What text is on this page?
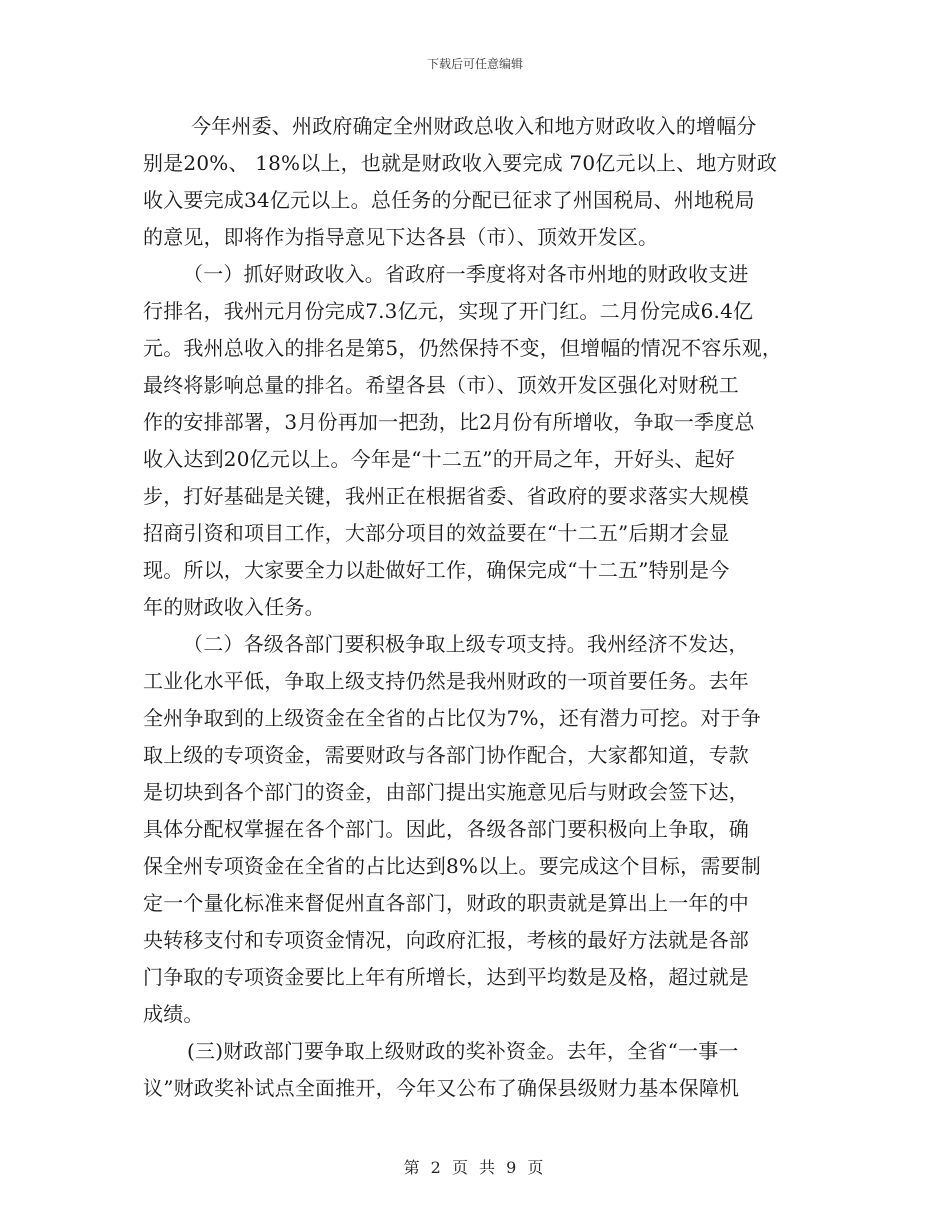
下载后可任意编辑
今年州委、州政府确定全州财政总收入和地方财政收入的增幅分
别是20%、 18%以上，也就是财政收入要完成 70亿元以上、地方财政
收入要完成34亿元以上。总任务的分配已征求了州国税局、州地税局
的意见，即将作为指导意见下达各县（市）、顶效开发区。
（一）抓好财政收入。省政府一季度将对各市州地的财政收支进
行排名，我州元月份完成7.3亿元，实现了开门红。二月份完成6.4亿
元。我州总收入的排名是第5，仍然保持不变，但增幅的情况不容乐观，
最终将影响总量的排名。希望各县（市）、顶效开发区强化对财税工
作的安排部署，3月份再加一把劲，比2月份有所增收，争取一季度总
收入达到20亿元以上。今年是“十二五”的开局之年，开好头、起好
步，打好基础是关键，我州正在根据省委、省政府的要求落实大规模
招商引资和项目工作，大部分项目的效益要在“十二五”后期才会显
现。所以，大家要全力以赴做好工作，确保完成“十二五”特别是今
年的财政收入任务。
（二）各级各部门要积极争取上级专项支持。我州经济不发达，
工业化水平低，争取上级支持仍然是我州财政的一项首要任务。去年
全州争取到的上级资金在全省的占比仅为7%，还有潜力可挖。对于争
取上级的专项资金，需要财政与各部门协作配合，大家都知道，专款
是切块到各个部门的资金，由部门提出实施意见后与财政会签下达，
具体分配权掌握在各个部门。因此，各级各部门要积极向上争取，确
保全州专项资金在全省的占比达到8%以上。要完成这个目标，需要制
定一个量化标准来督促州直各部门，财政的职责就是算出上一年的中
央转移支付和专项资金情况，向政府汇报，考核的最好方法就是各部
门争取的专项资金要比上年有所增长，达到平均数是及格，超过就是
成绩。
(三)财政部门要争取上级财政的奖补资金。去年，全省“一事一
议”财政奖补试点全面推开，今年又公布了确保县级财力基本保障机
第 2 页 共 9 页
